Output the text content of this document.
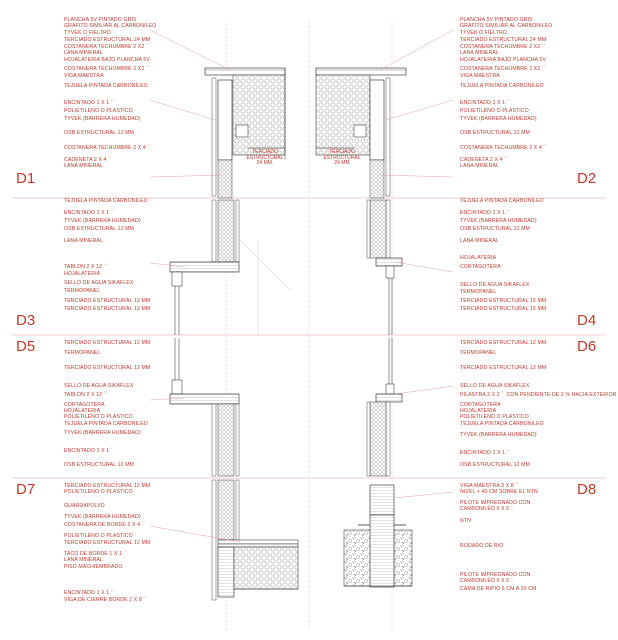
D1	D2
D3	D4
D5	D6
D7	D8
PLANCHA 5V PINTADO GRIS
GRAFITO SIMILIAR AL CARBONILEO
TYVEK O FIELTRO
TERCIADO ESTRUCTURAL 24 MM
COSTANERA TECHUMBRE 2 X2 ´´
LANA MINERAL
HOJALATERIA BAJO PLANCHA 5V
COSTANERA TECHUMBRE 2 X2 ´´
VIGA MAESTRA
TEJUELA PINTADA CARBONILEO
ENCINTADO 1 X 1 ´´
POLIETILENO O PLASTICO
TYVEK (BARRERA HUMEDAD)
OSB ESTRUCTURAL 12 MM
COSTANERA TECHUMBRE 2 X 4 ´´
CADENETA 2 X 4 ´´
LANA MINERAL
TERCIADO
ESTRUCTURAL
24 MM.
TERCIADO
ESTRUCTURAL
24 MM
PLANCHA 5V PINTADO GRIS
GRAFITO SIMILIAR AL CARBONILEO
TYVEK O FIELTRO
TERCIADO ESTRUCTURAL 24 MM
COSTANERA TECHUMBRE 2 X2 ´´
LANA MINERAL
HOJALATERIA BAJO PLANCHA 5V
COSTANERA TECHUMBRE 2 X2 ´´
VIGA MAESTRA
TEJUELA PINTADA CARBONILEO
ENCINTADO 1 X 1 ´´
POLIETILENO O PLASTICO
TYVEK (BARRERA HUMEDAD)
OSB ESTRUCTURAL 12 MM
COSTANERA TECHUMBRE 2 X 4 ´´
CADENETA 2 X 4 ´´
LANA MINERAL
TEJUELA PINTADA CARBONILEO
ENCINTADO 1 X 1 ´´
TYVEK (BARRERA HUMEDAD)
OSB ESTRUCTURAL 12 MM
LANA MINERAL
TABLON 2 X 12 ´´
HOJALATERIA
SELLO DE AGUA SIKAFLEX
TERMOPANEL
TERCIADO ESTRUCTURAL 12 MM
TERCIADO ESTRUCTURAL 12 MM
TEJUELA PINTADA CARBONILEO
ENCINTADO 1 X 1 ´´
TYVEK (BARRERA HUMEDAD)
OSB ESTRUCTURAL 12 MM
LANA MINERAL
HOJALATERIA
CORTAGOTERA
SELLO DE AGUA SIKAFLEX
TERMOPANEL
TERCIADO ESTRUCTURAL 12 MM
TERCIADO ESTRUCTURAL 12 MM
TERCIADO ESTRUCTURAL 12 MM
TERMOPANEL
TERCIADO ESTRUCTURAL 12 MM
SELLO DE AGUA SIKAFLEX
TABLON 2 X 12 ´´
CORTAGOTERA
HOJALATERIA
POLIETILENO O PLASTICO
TEJUELA PINTADA CARBONILEO
TYVEK (BARRERA HUMEDAD)
ENCINTADO 1 X 1 ´´
OSB ESTRUCTURAL 12 MM
TERCIADO ESTRUCTURAL 12 MM
TERMOPANEL
TERCIADO ESTRUCTURAL 12 MM
SELLO DE AGUA SIKAFLEX
PILASTRA 2 X 2 ´´ CON PENDIENTE DE 2 % HACIA EXTERIOR
CORTAGOTERA
HOJALATERIA
POLIETILENO O PLASTICO
TEJUELA PINTADA CARBONILEO
TYVEK (BARRERA HUMEDAD)
ENCINTADO 1 X 1 ´´
OSB ESTRUCTURAL 12 MM
TERCIADO ESTRUCTURAL 12 MM
POLIETILENO O PLASTICO
GUARDAPOLVO
TYVEK (BARRERA HUMEDAD)
COSTANERA DE BORDE 2 X 4 ´´
POLIETILENO O PLASTICO
TERCIADO ESTRUCTURAL 12 MM
TACO DE BORDE 1 X 1 ´´
LANA MINERAL
PISO MACHIEMBRADO
ENCINTADO 1 X 1 ´´
VIGA DE CIERRE BORDE 2 X 8 ´´
VIGA MAESTRA 3 X 8 ´´
NIVEL + 40 CM SOBRE EL NTN
PILOTE IMPREGNADO CON
CARBONILEO 6 X 6 ´´
NTN
RODADO DE RIO
PILOTE IMPREGNADO CON
CARBONILEO 6 X 6 ´´
CAMA DE RIPIO 5 CM A 10 CM
